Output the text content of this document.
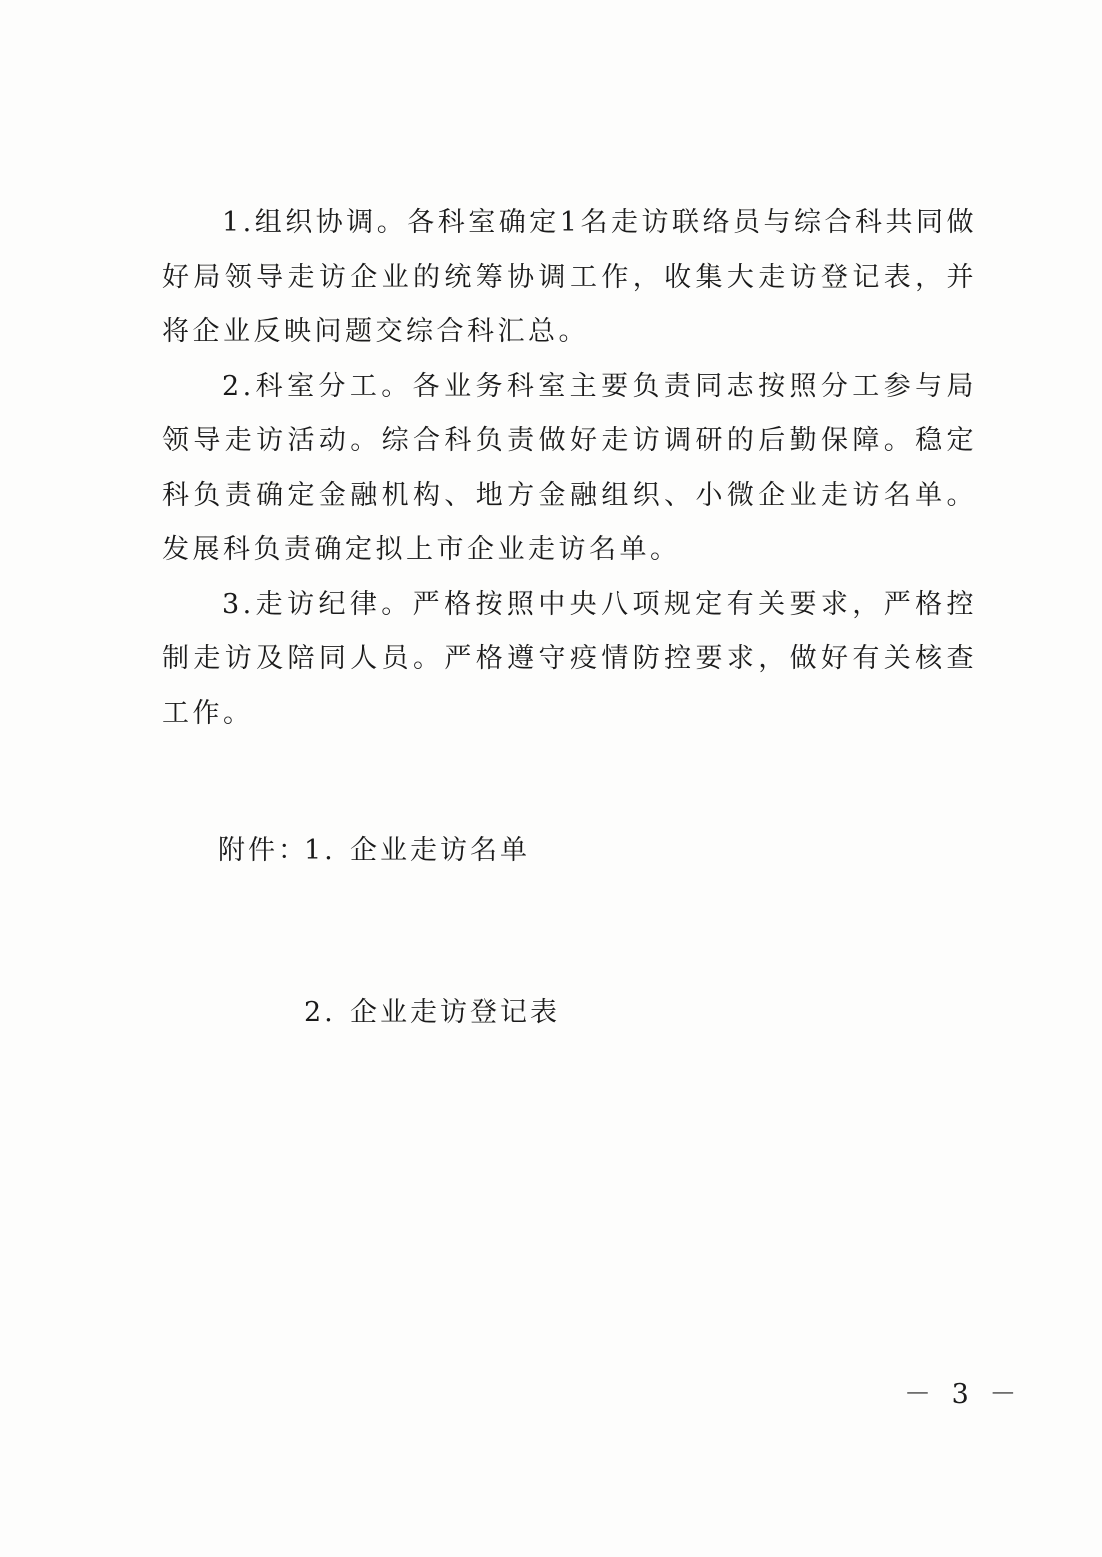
1.组织协调。各科室确定1名走访联络员与综合科共同做好局领导走访企业的统筹协调工作，收集大走访登记表，并将企业反映问题交综合科汇总。

2.科室分工。各业务科室主要负责同志按照分工参与局领导走访活动。综合科负责做好走访调研的后勤保障。稳定科负责确定金融机构、地方金融组织、小微企业走访名单。发展科负责确定拟上市企业走访名单。

3.走访纪律。严格按照中央八项规定有关要求，严格控制走访及陪同人员。严格遵守疫情防控要求，做好有关核查工作。

附件：1. 企业走访名单

2. 企业走访登记表

－ 3 －
